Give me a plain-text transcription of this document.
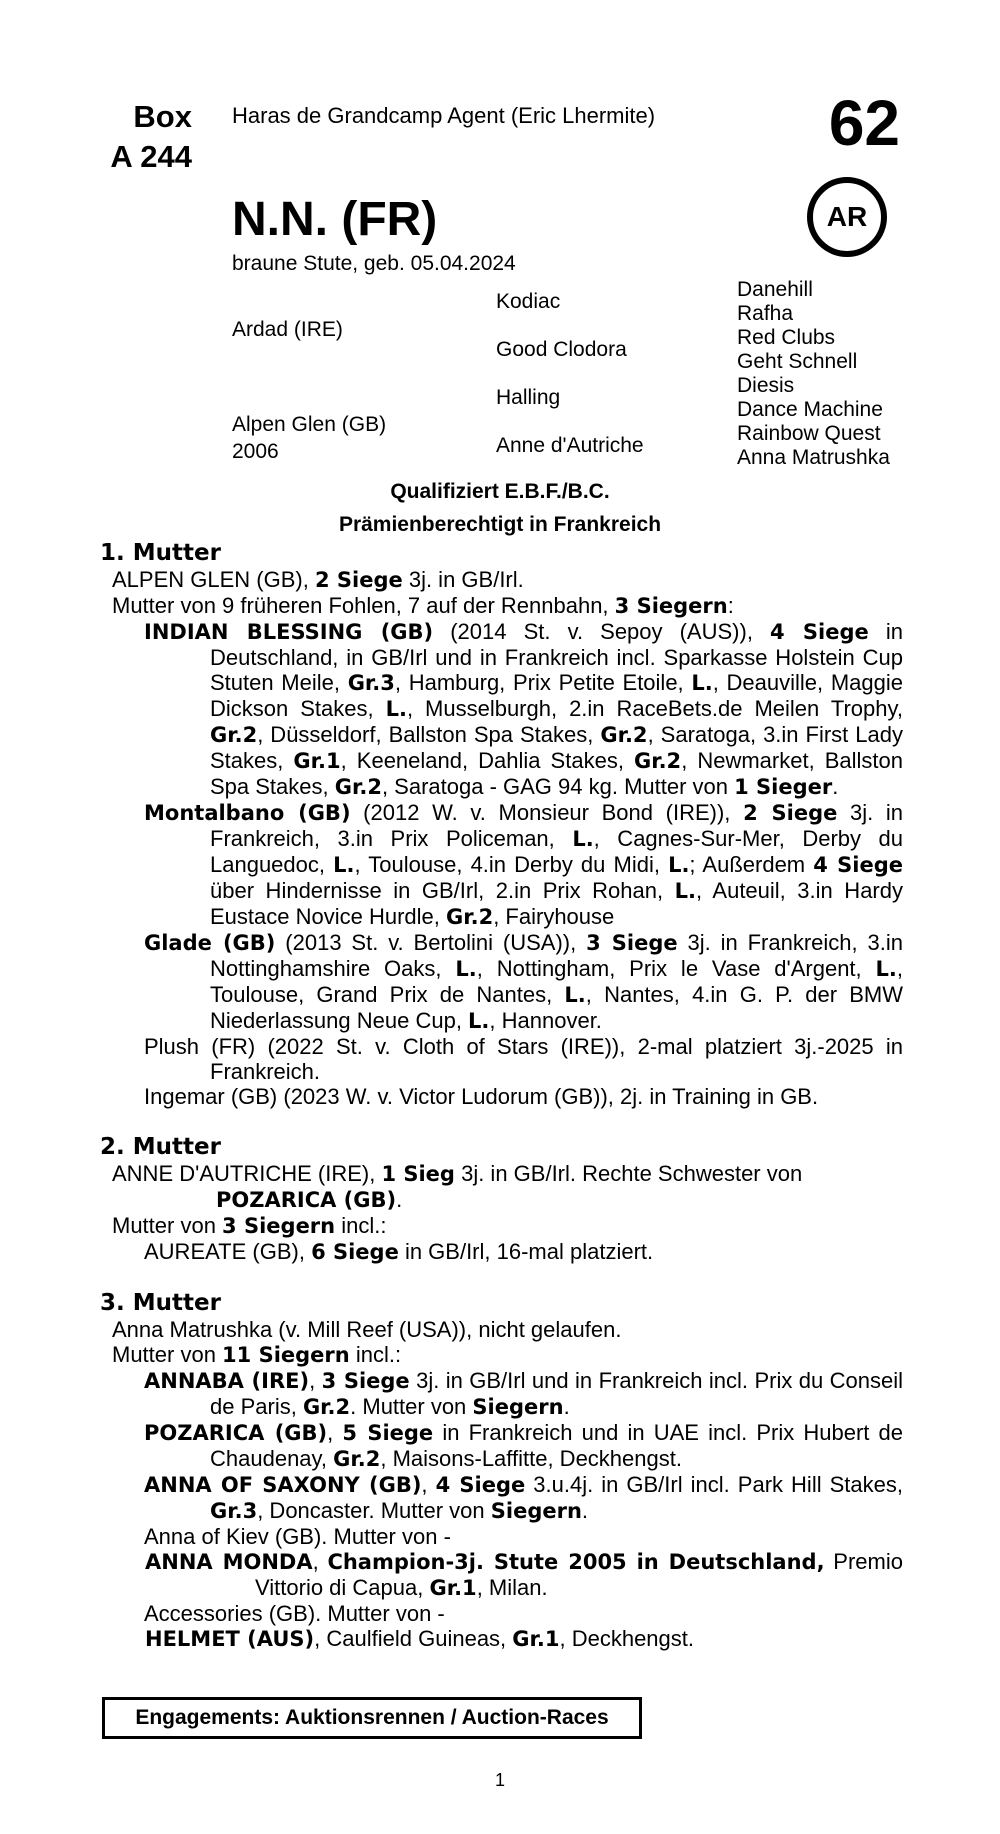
Box
A 244
Haras de Grandcamp Agent (Eric Lhermite)	62
AR
N.N. (FR)
braune Stute, geb. 05.04.2024
Ardad (IRE)
Alpen Glen (GB)
2006
Kodiac
Good Clodora
Halling
Anne d'Autriche
Danehill
Rafha
Red Clubs
Geht Schnell
Diesis
Dance Machine
Rainbow Quest
Anna Matrushka
Qualifiziert E.B.F./B.C.
Prämienberechtigt in Frankreich
1. Mutter
ALPEN GLEN (GB), 2 Siege 3j. in GB/Irl.
Mutter von 9 früheren Fohlen, 7 auf der Rennbahn, 3 Siegern:
INDIAN BLESSING (GB) (2014 St. v. Sepoy (AUS)), 4 Siege in Deutschland, in GB/Irl und in Frankreich incl. Sparkasse Holstein Cup Stuten Meile, Gr.3, Hamburg, Prix Petite Etoile, L., Deauville, Maggie Dickson Stakes, L., Musselburgh, 2.in RaceBets.de Meilen Trophy, Gr.2, Düsseldorf, Ballston Spa Stakes, Gr.2, Saratoga, 3.in First Lady Stakes, Gr.1, Keeneland, Dahlia Stakes, Gr.2, Newmarket, Ballston Spa Stakes, Gr.2, Saratoga - GAG 94 kg. Mutter von 1 Sieger.
Montalbano (GB) (2012 W. v. Monsieur Bond (IRE)), 2 Siege 3j. in Frankreich, 3.in Prix Policeman, L., Cagnes-Sur-Mer, Derby du Languedoc, L., Toulouse, 4.in Derby du Midi, L.; Außerdem 4 Siege über Hindernisse in GB/Irl, 2.in Prix Rohan, L., Auteuil, 3.in Hardy Eustace Novice Hurdle, Gr.2, Fairyhouse
Glade (GB) (2013 St. v. Bertolini (USA)), 3 Siege 3j. in Frankreich, 3.in Nottinghamshire Oaks, L., Nottingham, Prix le Vase d'Argent, L., Toulouse, Grand Prix de Nantes, L., Nantes, 4.in G. P. der BMW Niederlassung Neue Cup, L., Hannover.
Plush (FR) (2022 St. v. Cloth of Stars (IRE)), 2-mal platziert 3j.-2025 in Frankreich.
Ingemar (GB) (2023 W. v. Victor Ludorum (GB)), 2j. in Training in GB.
2. Mutter
ANNE D'AUTRICHE (IRE), 1 Sieg 3j. in GB/Irl. Rechte Schwester von
POZARICA (GB).
Mutter von 3 Siegern incl.:
AUREATE (GB), 6 Siege in GB/Irl, 16-mal platziert.
3. Mutter
Anna Matrushka (v. Mill Reef (USA)), nicht gelaufen.
Mutter von 11 Siegern incl.:
ANNABA (IRE), 3 Siege 3j. in GB/Irl und in Frankreich incl. Prix du Conseil de Paris, Gr.2. Mutter von Siegern.
POZARICA (GB), 5 Siege in Frankreich und in UAE incl. Prix Hubert de Chaudenay, Gr.2, Maisons-Laffitte, Deckhengst.
ANNA OF SAXONY (GB), 4 Siege 3.u.4j. in GB/Irl incl. Park Hill Stakes, Gr.3, Doncaster. Mutter von Siegern.
Anna of Kiev (GB). Mutter von -
ANNA MONDA, Champion-3j. Stute 2005 in Deutschland, Premio Vittorio di Capua, Gr.1, Milan.
Accessories (GB). Mutter von -
HELMET (AUS), Caulfield Guineas, Gr.1, Deckhengst.
Engagements: Auktionsrennen / Auction-Races
1
